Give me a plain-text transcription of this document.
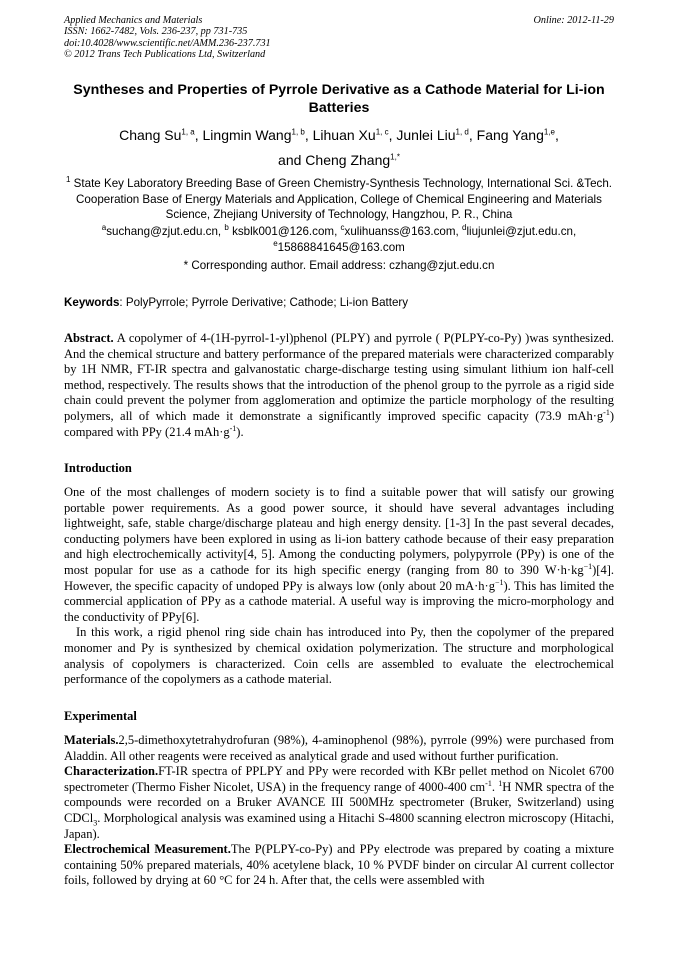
Applied Mechanics and Materials
ISSN: 1662-7482, Vols. 236-237, pp 731-735
doi:10.4028/www.scientific.net/AMM.236-237.731
© 2012 Trans Tech Publications Ltd, Switzerland
Online: 2012-11-29
Syntheses and Properties of Pyrrole Derivative as a Cathode Material for Li-ion Batteries
Chang Su$^{1, a}$, Lingmin Wang$^{1, b}$, Lihuan Xu$^{1, c}$, Junlei Liu$^{1, d}$, Fang Yang$^{1,e}$,
and Cheng Zhang$^{1,*}$
$^1$ State Key Laboratory Breeding Base of Green Chemistry-Synthesis Technology, International Sci. &Tech. Cooperation Base of Energy Materials and Application, College of Chemical Engineering and Materials Science, Zhejiang University of Technology, Hangzhou, P. R., China
$^a$suchang@zjut.edu.cn, $^b$ ksblk001@126.com, $^c$xulihuanss@163.com, $^d$liujunlei@zjut.edu.cn,
$^e$15868841645@163.com
* Corresponding author. Email address: czhang@zjut.edu.cn
Keywords: PolyPyrrole; Pyrrole Derivative; Cathode; Li-ion Battery

Abstract. A copolymer of 4-(1H-pyrrol-1-yl)phenol (PLPY) and pyrrole ( P(PLPY-co-Py) )was synthesized. And the chemical structure and battery performance of the prepared materials were characterized comparably by 1H NMR, FT-IR spectra and galvanostatic charge-discharge testing using simulant lithium ion half-cell method, respectively. The results shows that the introduction of the phenol group to the pyrrole as a rigid side chain could prevent the polymer from agglomeration and optimize the particle morphology of the resulting polymers, all of which made it demonstrate a significantly improved specific capacity (73.9 $mAh\cdot g^{-1}$) compared with PPy (21.4 $mAh\cdot g^{-1}$).

Introduction

One of the most challenges of modern society is to find a suitable power that will satisfy our growing portable power requirements. As a good power source, it should have several advantages including lightweight, safe, stable charge/discharge plateau and high energy density. [1-3] In the past several decades, conducting polymers have been explored in using as li-ion battery cathode because of their easy preparation and high electrochemically activity[4, 5]. Among the conducting polymers, polypyrrole (PPy) is one of the most popular for use as a cathode for its high specific energy (ranging from 80 to 390 $W\cdot h\cdot kg^{-1})[4]$. However, the specific capacity of undoped PPy is always low (only about 20 $mA\cdot h\cdot g^{-1}$). This has limited the commercial application of PPy as a cathode material. A useful way is improving the micro-morphology and the conductivity of PPy[6].

In this work, a rigid phenol ring side chain has introduced into Py, then the copolymer of the prepared monomer and Py is synthesized by chemical oxidation polymerization. The structure and morphological analysis of copolymers is characterized. Coin cells are assembled to evaluate the electrochemical performance of the copolymers as a cathode material.

Experimental

Materials.2,5-dimethoxytetrahydrofuran (98%), 4-aminophenol (98%), pyrrole (99%) were purchased from Aladdin. All other reagents were received as analytical grade and used without further purification.

Characterization.FT-IR spectra of PPLPY and PPy were recorded with KBr pellet method on Nicolet 6700 spectrometer (Thermo Fisher Nicolet, USA) in the frequency range of 4000-400 $cm^{-1}$. $^1$H NMR spectra of the compounds were recorded on a Bruker AVANCE III 500MHz spectrometer (Bruker, Switzerland) using CDCl$_3$. Morphological analysis was examined using a Hitachi S-4800 scanning electron microscopy (Hitachi, Japan).

Electrochemical Measurement.The P(PLPY-co-Py) and PPy electrode was prepared by coating a mixture containing 50% prepared materials, 40% acetylene black, 10 % PVDF binder on circular Al current collector foils, followed by drying at 60 °C for 24 h. After that, the cells were assembled with
